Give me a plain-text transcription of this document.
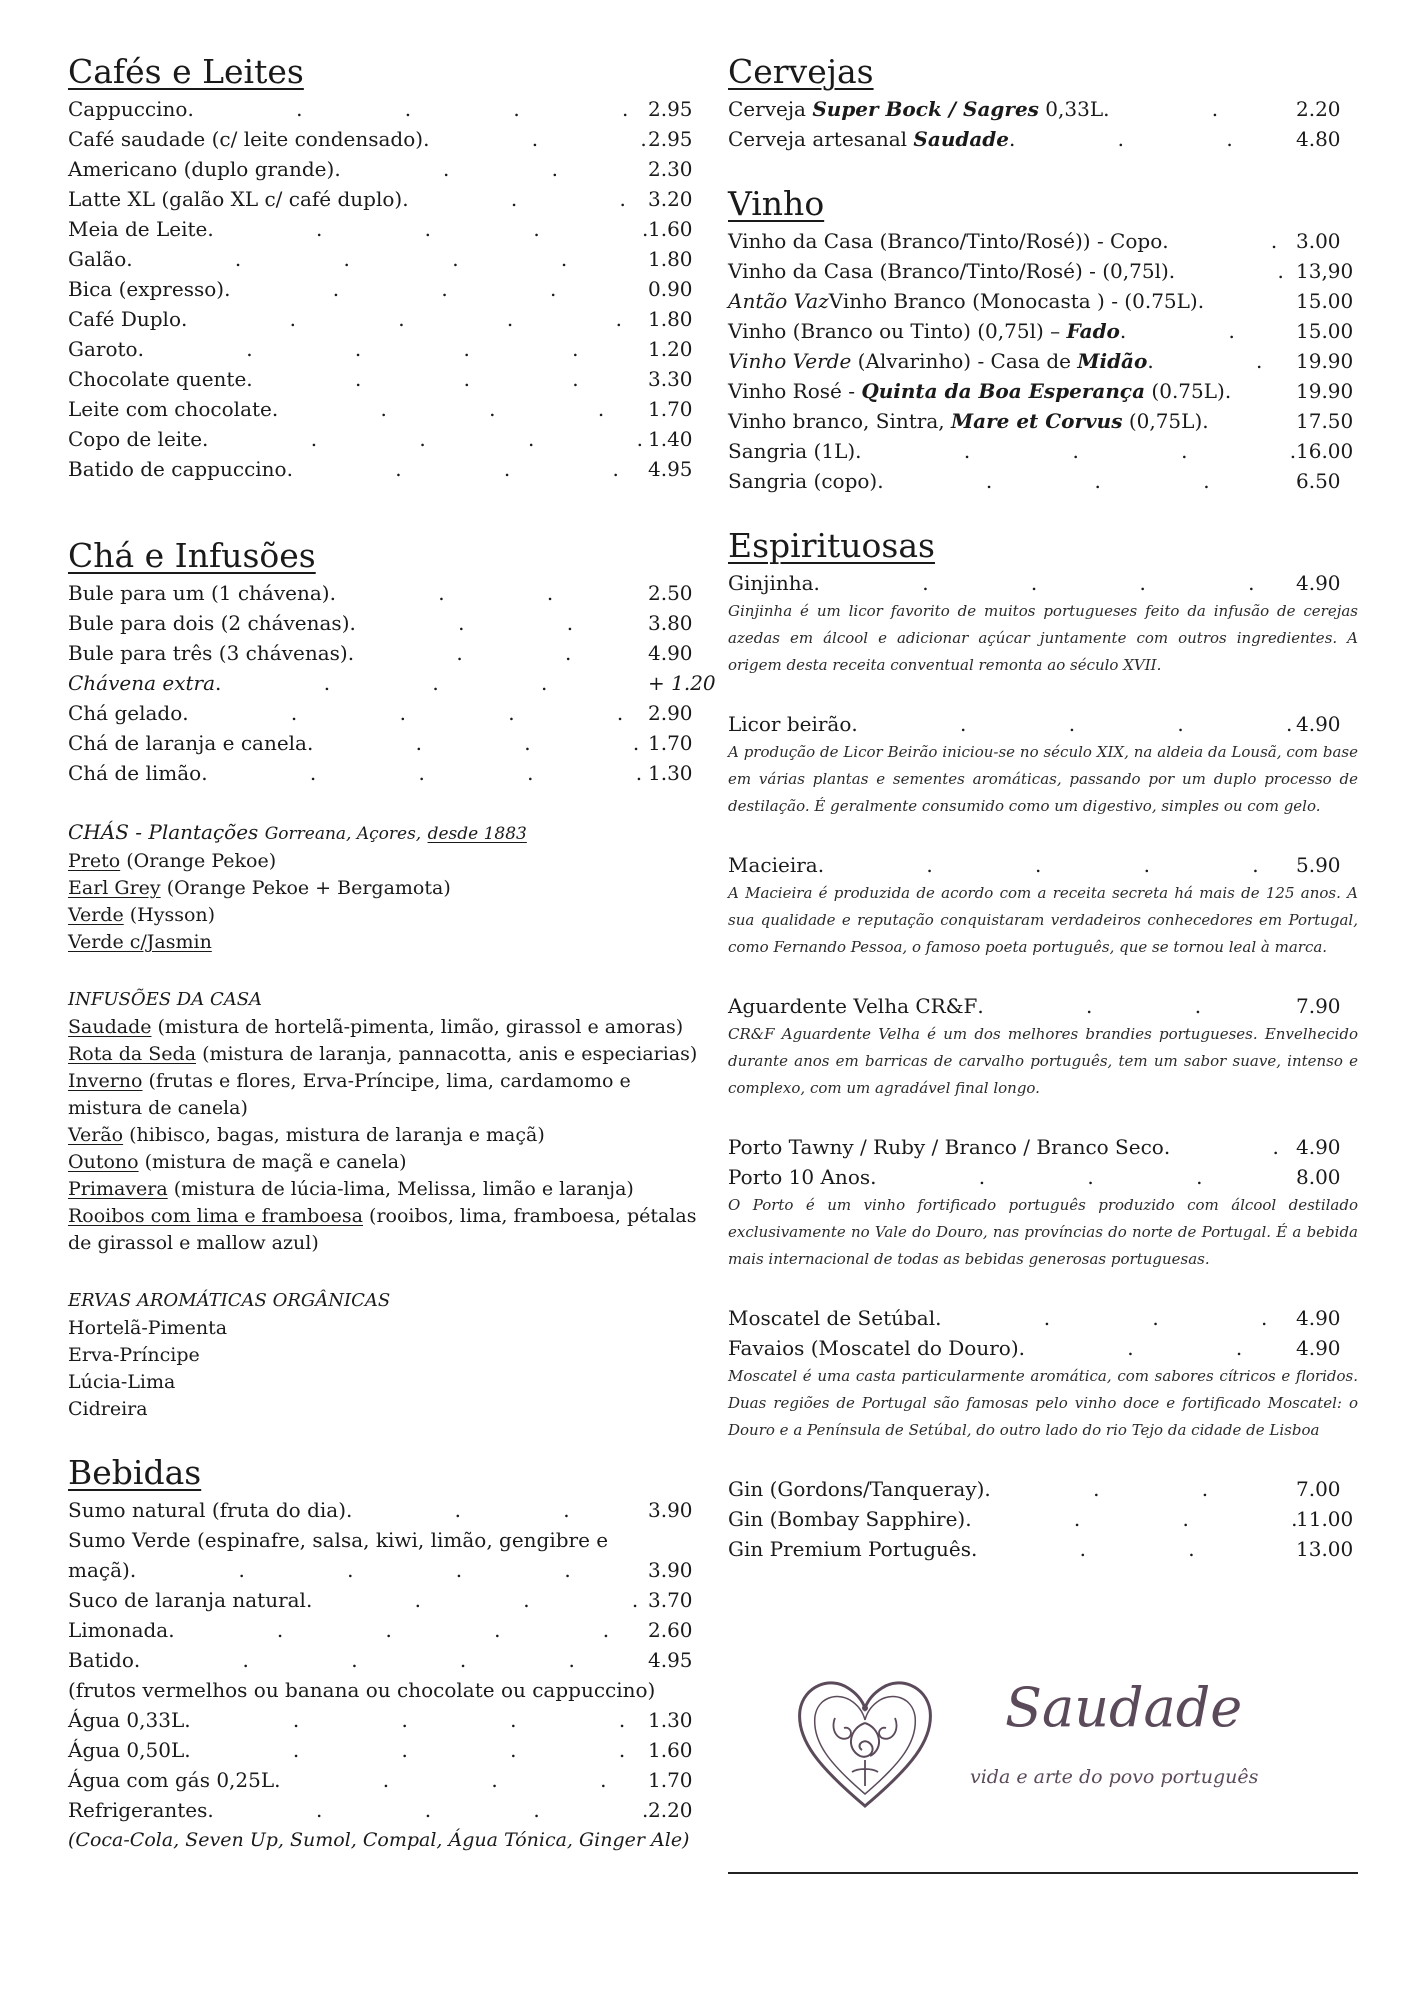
Cafés e Leites
Cappuccino .	2.95
Café saudade (c/ leite condensado) .	2.95
Americano (duplo grande) .	2.30
Latte XL (galão XL c/ café duplo) .	3.20
Meia de Leite .	1.60
Galão .	1.80
Bica (expresso) .	0.90
Café Duplo .	1.80
Garoto .	1.20
Chocolate quente .	3.30
Leite com chocolate .	1.70
Copo de leite .	1.40
Batido de cappuccino .	4.95
Chá e Infusões
Bule para um (1 chávena) .	2.50
Bule para dois (2 chávenas) .	3.80
Bule para três (3 chávenas) .	4.90
Chávena extra .	+ 1.20
Chá gelado .	2.90
Chá de laranja e canela .	1.70
Chá de limão .	1.30
CHÁS - Plantações Gorreana, Açores, desde 1883
Preto (Orange Pekoe)
Earl Grey (Orange Pekoe + Bergamota)
Verde (Hysson)
Verde c/Jasmin
INFUSÕES DA CASA
Saudade (mistura de hortelã-pimenta, limão, girassol e amoras)
Rota da Seda (mistura de laranja, pannacotta, anis e especiarias)
Inverno (frutas e flores, Erva-Príncipe, lima, cardamomo e mistura de canela)
Verão (hibisco, bagas, mistura de laranja e maçã)
Outono (mistura de maçã e canela)
Primavera (mistura de lúcia-lima, Melissa, limão e laranja)
Rooibos com lima e framboesa (rooibos, lima, framboesa, pétalas de girassol e mallow azul)
ERVAS AROMÁTICAS ORGÂNICAS
Hortelã-Pimenta
Erva-Príncipe
Lúcia-Lima
Cidreira
Bebidas
Sumo natural (fruta do dia) .	3.90
Sumo Verde (espinafre, salsa, kiwi, limão, gengibre e
maçã) .	3.90
Suco de laranja natural .	3.70
Limonada .	2.60
Batido .	4.95
(frutos vermelhos ou banana ou chocolate ou cappuccino)
Água 0,33L .	1.30
Água 0,50L .	1.60
Água com gás 0,25L .	1.70
Refrigerantes .	2.20
(Coca-Cola, Seven Up, Sumol, Compal, Água Tónica, Ginger Ale)
Cervejas
Cerveja Super Bock / Sagres 0,33L .	2.20
Cerveja artesanal Saudade .	4.80
Vinho
Vinho da Casa (Branco/Tinto/Rosé)) - Copo .	3.00
Vinho da Casa (Branco/Tinto/Rosé) - (0,75l) .	13,90
Antão VazVinho Branco (Monocasta ) - (0.75L) .	15.00
Vinho (Branco ou Tinto) (0,75l) – Fado .	15.00
Vinho Verde (Alvarinho) - Casa de Midão .	19.90
Vinho Rosé - Quinta da Boa Esperança (0.75L) .	19.90
Vinho branco, Sintra, Mare et Corvus (0,75L) .	17.50
Sangria (1L) .	16.00
Sangria (copo) .	6.50
Espirituosas
Ginjinha .	4.90

Ginjinha é um licor favorito de muitos portugueses feito da infusão de cerejas azedas em álcool e adicionar açúcar juntamente com outros ingredientes. A origem desta receita conventual remonta ao século XVII.

Licor beirão .	4.90

A produção de Licor Beirão iniciou-se no século XIX, na aldeia da Lousã, com base em várias plantas e sementes aromáticas, passando por um duplo processo de destilação. É geralmente consumido como um digestivo, simples ou com gelo.

Macieira .	5.90

A Macieira é produzida de acordo com a receita secreta há mais de 125 anos. A sua qualidade e reputação conquistaram verdadeiros conhecedores em Portugal, como Fernando Pessoa, o famoso poeta português, que se tornou leal à marca.

Aguardente Velha CR&F .	7.90

CR&F Aguardente Velha é um dos melhores brandies portugueses. Envelhecido durante anos em barricas de carvalho português, tem um sabor suave, intenso e complexo, com um agradável final longo.

Porto Tawny / Ruby / Branco / Branco Seco .	4.90
Porto 10 Anos .	8.00

O Porto é um vinho fortificado português produzido com álcool destilado exclusivamente no Vale do Douro, nas províncias do norte de Portugal. É a bebida mais internacional de todas as bebidas generosas portuguesas.

Moscatel de Setúbal .	4.90
Favaios (Moscatel do Douro) .	4.90

Moscatel é uma casta particularmente aromática, com sabores cítricos e floridos. Duas regiões de Portugal são famosas pelo vinho doce e fortificado Moscatel: o Douro e a Península de Setúbal, do outro lado do rio Tejo da cidade de Lisboa

Gin (Gordons/Tanqueray) .	7.00
Gin (Bombay Sapphire) .	11.00
Gin Premium Português .	13.00
Saudade
vida e arte do povo português
